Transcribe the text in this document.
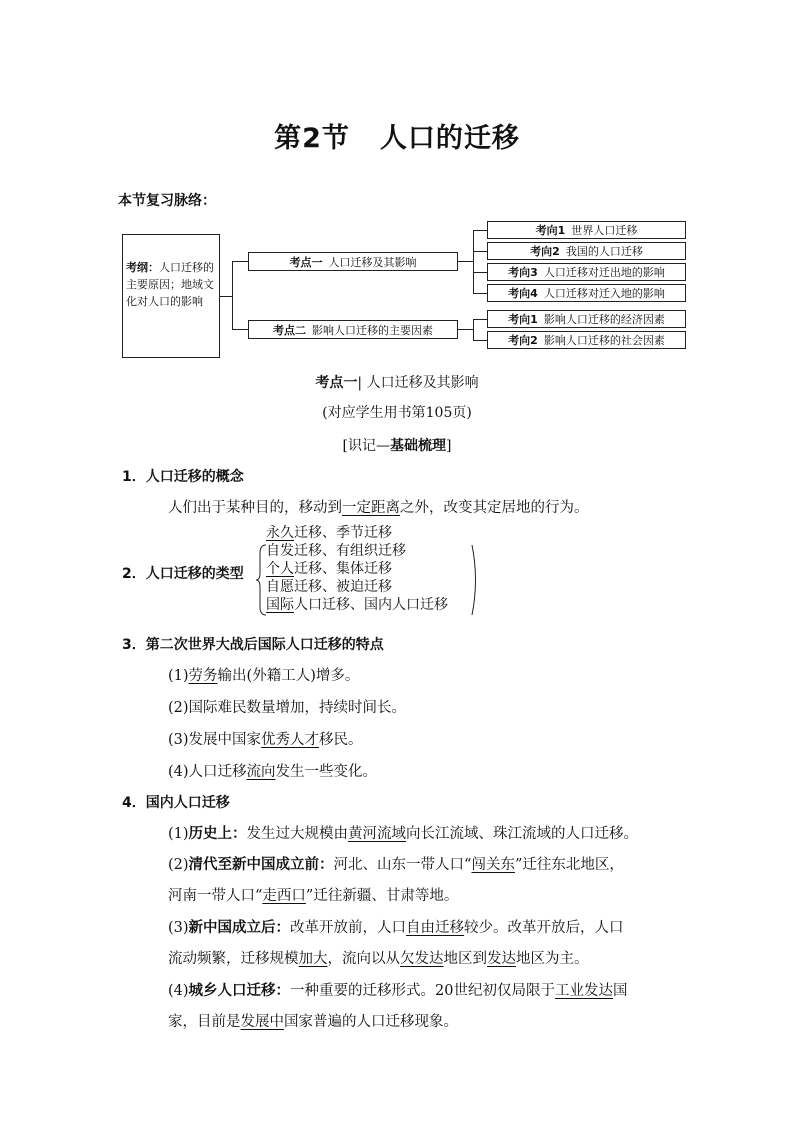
第2节 人口的迁移
本节复习脉络：
考纲：人口迁移的主要原因；地域文化对人口的影响
考点一 人口迁移及其影响
考点二 影响人口迁移的主要因素
考向1 世界人口迁移
考向2 我国的人口迁移
考向3 人口迁移对迁出地的影响
考向4 人口迁移对迁入地的影响
考向1 影响人口迁移的经济因素
考向2 影响人口迁移的社会因素
考点一| 人口迁移及其影响
(对应学生用书第105页)
[识记—基础梳理]
1．人口迁移的概念
人们出于某种目的，移动到一定距离之外，改变其定居地的行为。
2．人口迁移的类型
永久迁移、季节迁移
自发迁移、有组织迁移
个人迁移、集体迁移
自愿迁移、被迫迁移
国际人口迁移、国内人口迁移
3．第二次世界大战后国际人口迁移的特点
(1)劳务输出(外籍工人)增多。
(2)国际难民数量增加，持续时间长。
(3)发展中国家优秀人才移民。
(4)人口迁移流向发生一些变化。
4．国内人口迁移
(1)历史上：发生过大规模由黄河流域向长江流域、珠江流域的人口迁移。
(2)清代至新中国成立前：河北、山东一带人口“闯关东”迁往东北地区，
河南一带人口“走西口”迁往新疆、甘肃等地。
(3)新中国成立后：改革开放前，人口自由迁移较少。改革开放后，人口
流动频繁，迁移规模加大，流向以从欠发达地区到发达地区为主。
(4)城乡人口迁移：一种重要的迁移形式。20世纪初仅局限于工业发达国
家，目前是发展中国家普遍的人口迁移现象。
